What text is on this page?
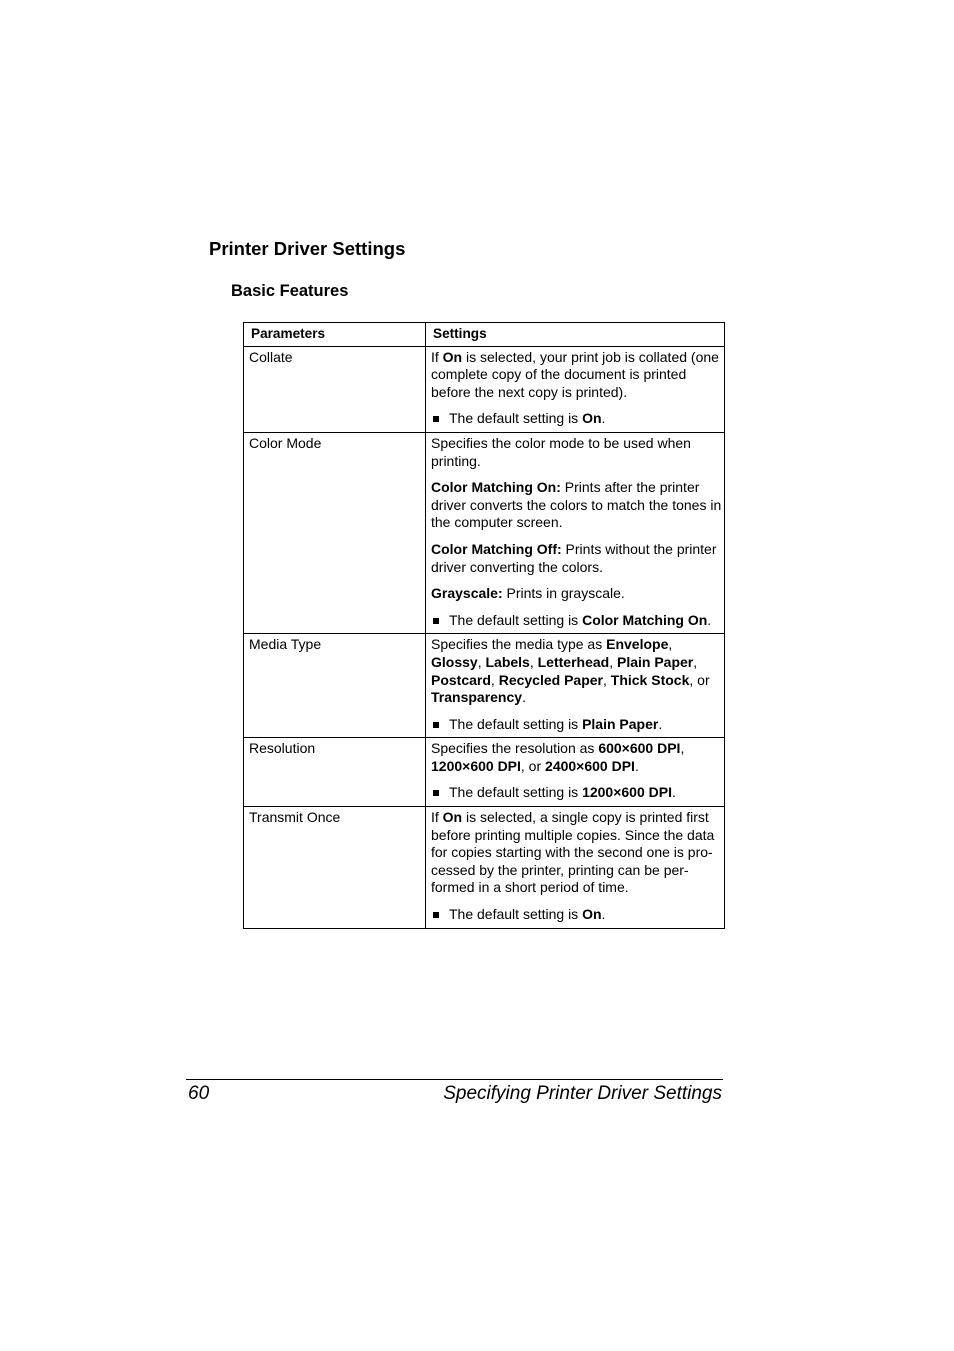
Printer Driver Settings
Basic Features
Parameters	Settings
Collate	If On is selected, your print job is collated (one complete copy of the document is printed before the next copy is printed).
The default setting is On.

Color Mode	Specifies the color mode to be used when printing.
Color Matching On: Prints after the printer driver converts the colors to match the tones in the computer screen.
Color Matching Off: Prints without the printer driver converting the colors.
Grayscale: Prints in grayscale.
The default setting is Color Matching On.

Media Type	Specifies the media type as Envelope, Glossy, Labels, Letterhead, Plain Paper, Postcard, Recycled Paper, Thick Stock, or Transparency.
The default setting is Plain Paper.

Resolution	Specifies the resolution as 600×600 DPI, 1200×600 DPI, or 2400×600 DPI.
The default setting is 1200×600 DPI.

Transmit Once	If On is selected, a single copy is printed first before printing multiple copies. Since the data for copies starting with the second one is pro-cessed by the printer, printing can be per-formed in a short period of time.
The default setting is On.
60	Specifying Printer Driver Settings
